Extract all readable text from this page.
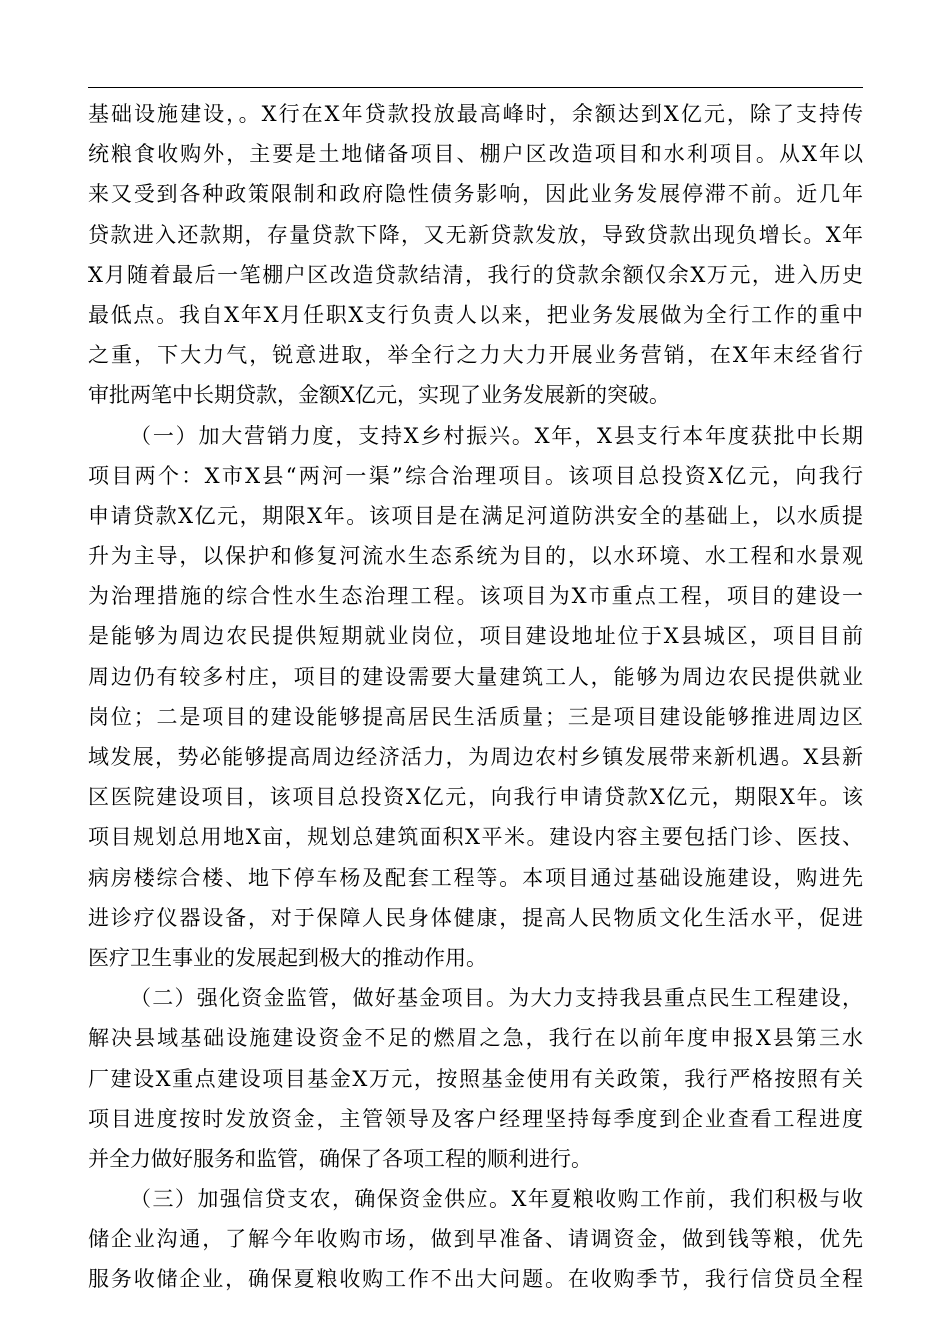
基础设施建设，。X行在X年贷款投放最高峰时，余额达到X亿元，除了支持传
统粮食收购外，主要是土地储备项目、棚户区改造项目和水利项目。从X年以
来又受到各种政策限制和政府隐性债务影响，因此业务发展停滞不前。近几年
贷款进入还款期，存量贷款下降，又无新贷款发放，导致贷款出现负增长。X年
X月随着最后一笔棚户区改造贷款结清，我行的贷款余额仅余X万元，进入历史
最低点。我自X年X月任职X支行负责人以来，把业务发展做为全行工作的重中
之重，下大力气，锐意进取，举全行之力大力开展业务营销，在X年末经省行
审批两笔中长期贷款，金额X亿元，实现了业务发展新的突破。
（一）加大营销力度，支持X乡村振兴。X年，X县支行本年度获批中长期
项目两个：X市X县“两河一渠”综合治理项目。该项目总投资X亿元，向我行
申请贷款X亿元，期限X年。该项目是在满足河道防洪安全的基础上，以水质提
升为主导，以保护和修复河流水生态系统为目的，以水环境、水工程和水景观
为治理措施的综合性水生态治理工程。该项目为X市重点工程，项目的建设一
是能够为周边农民提供短期就业岗位，项目建设地址位于X县城区，项目目前
周边仍有较多村庄，项目的建设需要大量建筑工人，能够为周边农民提供就业
岗位；二是项目的建设能够提高居民生活质量；三是项目建设能够推进周边区
域发展，势必能够提高周边经济活力，为周边农村乡镇发展带来新机遇。X县新
区医院建设项目，该项目总投资X亿元，向我行申请贷款X亿元，期限X年。该
项目规划总用地X亩，规划总建筑面积X平米。建设内容主要包括门诊、医技、
病房楼综合楼、地下停车杨及配套工程等。本项目通过基础设施建设，购进先
进诊疗仪器设备，对于保障人民身体健康，提高人民物质文化生活水平，促进
医疗卫生事业的发展起到极大的推动作用。
（二）强化资金监管，做好基金项目。为大力支持我县重点民生工程建设，
解决县域基础设施建设资金不足的燃眉之急，我行在以前年度申报X县第三水
厂建设X重点建设项目基金X万元，按照基金使用有关政策，我行严格按照有关
项目进度按时发放资金，主管领导及客户经理坚持每季度到企业查看工程进度
并全力做好服务和监管，确保了各项工程的顺利进行。
（三）加强信贷支农，确保资金供应。X年夏粮收购工作前，我们积极与收
储企业沟通，了解今年收购市场，做到早准备、请调资金，做到钱等粮，优先
服务收储企业，确保夏粮收购工作不出大问题。在收购季节，我行信贷员全程
